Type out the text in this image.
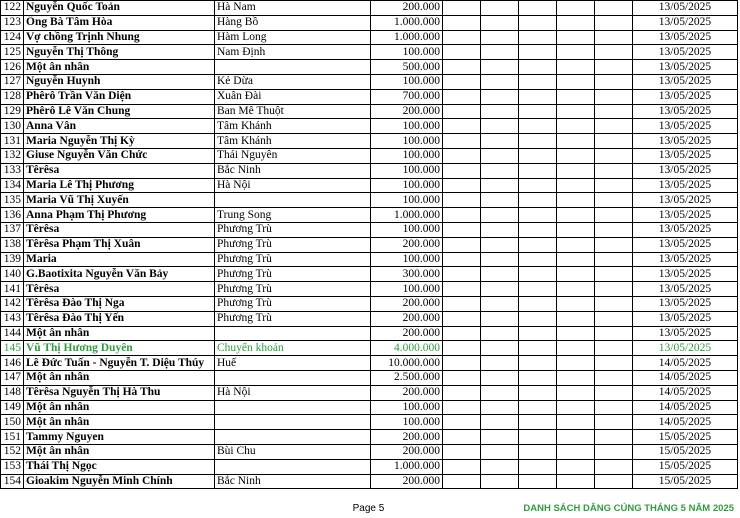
122	Nguyễn Quốc Toản	Hà Nam	200.000						13/05/2025
123	Ông Bà Tâm Hòa	Hàng Bồ	1.000.000						13/05/2025
124	Vợ chồng Trịnh Nhung	Hàm Long	1.000.000						13/05/2025
125	Nguyễn Thị Thông	Nam Định	100.000						13/05/2025
126	Một ân nhân		500.000						13/05/2025
127	Nguyễn Huynh	Kẻ Dừa	100.000						13/05/2025
128	Phêrô Trần Văn Diện	Xuân Đài	700.000						13/05/2025
129	Phêrô Lê Văn Chung	Ban Mê Thuột	200.000						13/05/2025
130	Anna Vân	Tâm Khánh	100.000						13/05/2025
131	Maria Nguyễn Thị Kỳ	Tâm Khánh	100.000						13/05/2025
132	Giuse Nguyễn Văn Chức	Thái Nguyên	100.000						13/05/2025
133	Têrêsa	Bắc Ninh	100.000						13/05/2025
134	Maria Lê Thị Phương	Hà Nội	100.000						13/05/2025
135	Maria Vũ Thị Xuyến		100.000						13/05/2025
136	Anna Phạm Thị Phương	Trung Song	1.000.000						13/05/2025
137	Têrêsa	Phương Trù	100.000						13/05/2025
138	Têrêsa Phạm Thị Xuân	Phương Trù	200.000						13/05/2025
139	Maria	Phương Trù	100.000						13/05/2025
140	G.Baotixita Nguyễn Văn Bảy	Phương Trù	300.000						13/05/2025
141	Têrêsa	Phương Trù	100.000						13/05/2025
142	Têrêsa Đào Thị Nga	Phương Trù	200.000						13/05/2025
143	Têrêsa Đào Thị Yến	Phương Trù	200.000						13/05/2025
144	Một ân nhân		200.000						13/05/2025
145	Vũ Thị Hương Duyên	Chuyển khoản	4.000.000						13/05/2025
146	Lê Đức Tuấn - Nguyễn T. Diệu Thúy	Huế	10.000.000						14/05/2025
147	Một ân nhân		2.500.000						14/05/2025
148	Têrêsa Nguyễn Thị Hà Thu	Hà Nội	200.000						14/05/2025
149	Một ân nhân		100.000						14/05/2025
150	Một ân nhân		100.000						14/05/2025
151	Tammy Nguyen		200.000						15/05/2025
152	Một ân nhân	Bùi Chu	200.000						15/05/2025
153	Thái Thị Ngọc		1.000.000						15/05/2025
154	Gioakim Nguyễn Minh Chính	Bắc Ninh	200.000						15/05/2025
Page 5	DANH SÁCH DÂNG CÚNG THÁNG 5 NĂM 2025
